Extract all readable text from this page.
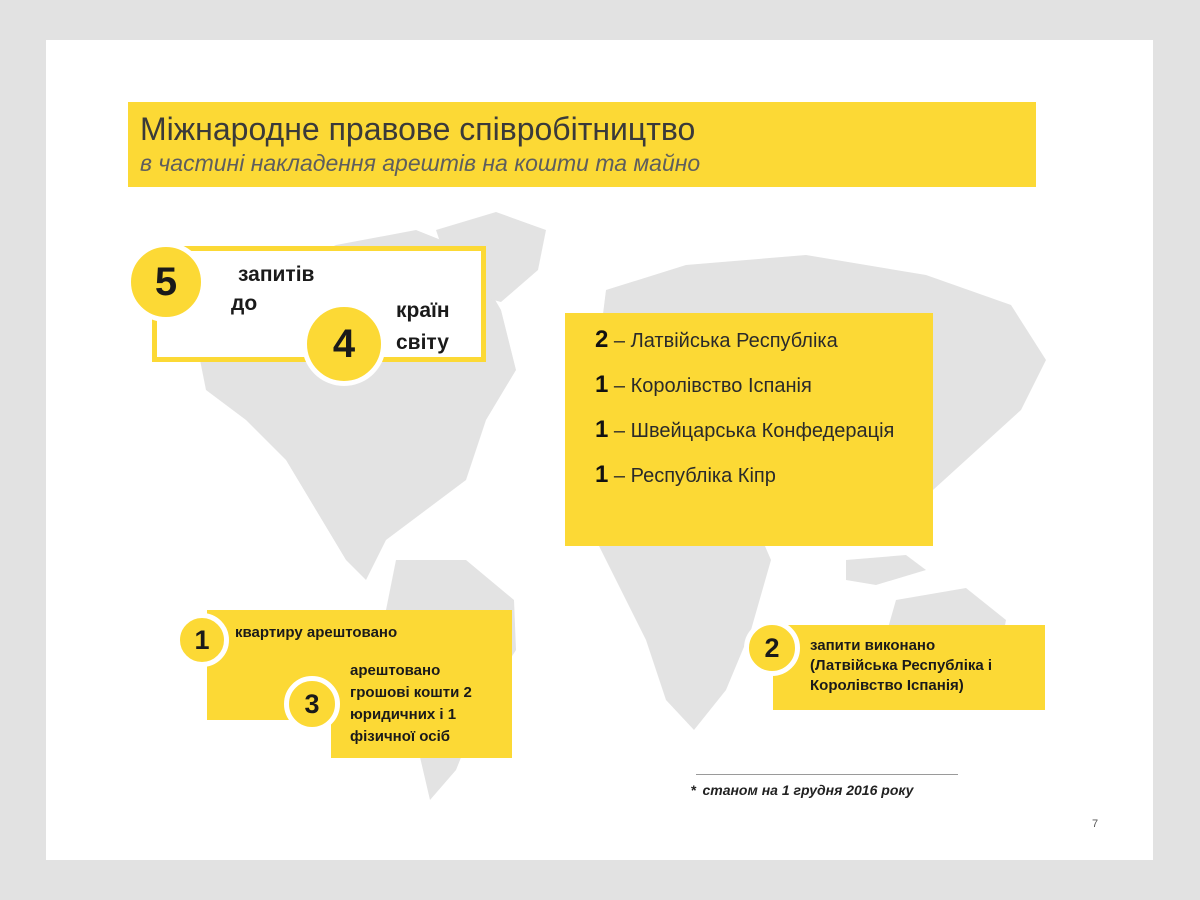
Міжнародне правове співробітництво
в частині накладення арештів на кошти та майно
5	запитів
до
4
країн
світу	2 – Латвійська Республіка
1 – Королівство Іспанія
1 – Швейцарська Конфедерація
1 – Республіка Кіпр
1	квартиру арештовано
3
арештовано
грошові кошти 2
юридичних і 1
фізичної осіб
2	запити виконано
(Латвійська Республіка і
Королівство Іспанія)
* станом на 1 грудня 2016 року
7
